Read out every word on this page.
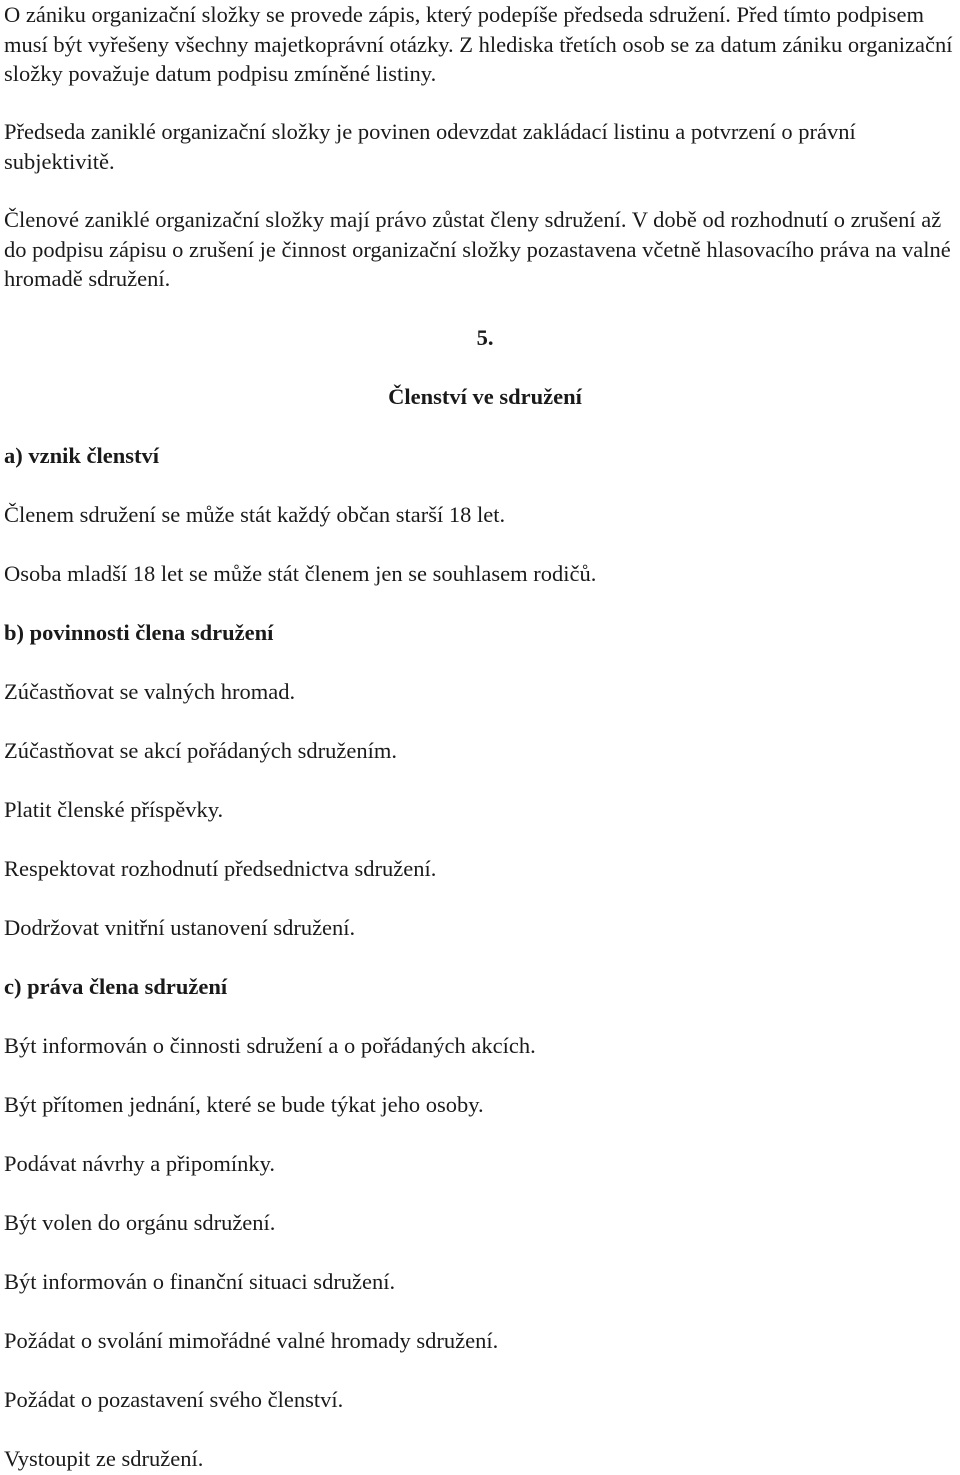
O zániku organizační složky se provede zápis, který podepíše předseda sdružení. Před tímto podpisem musí být vyřešeny všechny majetkoprávní otázky. Z hlediska třetích osob se za datum zániku organizační složky považuje datum podpisu zmíněné listiny.

Předseda zaniklé organizační složky je povinen odevzdat zakládací listinu a potvrzení o právní subjektivitě.

Členové zaniklé organizační složky mají právo zůstat členy sdružení. V době od rozhodnutí o zrušení až do podpisu zápisu o zrušení je činnost organizační složky pozastavena včetně hlasovacího práva na valné hromadě sdružení.

5.

Členství ve sdružení

a) vznik členství

Členem sdružení se může stát každý občan starší 18 let.

Osoba mladší 18 let se může stát členem jen se souhlasem rodičů.

b) povinnosti člena sdružení

Zúčastňovat se valných hromad.

Zúčastňovat se akcí pořádaných sdružením.

Platit členské příspěvky.

Respektovat rozhodnutí předsednictva sdružení.

Dodržovat vnitřní ustanovení sdružení.

c) práva člena sdružení

Být informován o činnosti sdružení a o pořádaných akcích.

Být přítomen jednání, které se bude týkat jeho osoby.

Podávat návrhy a připomínky.

Být volen do orgánu sdružení.

Být informován o finanční situaci sdružení.

Požádat o svolání mimořádné valné hromady sdružení.

Požádat o pozastavení svého členství.

Vystoupit ze sdružení.
